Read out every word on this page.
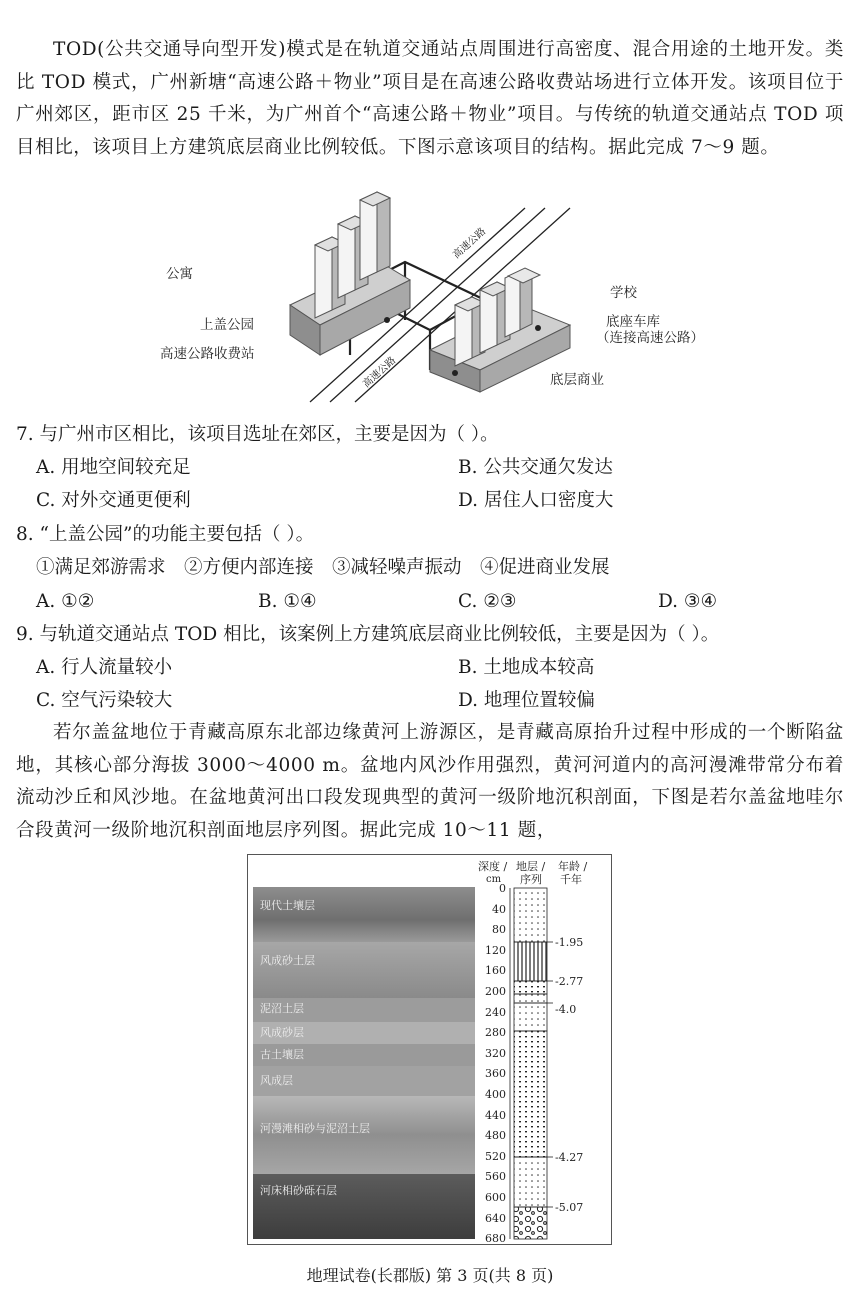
TOD(公共交通导向型开发)模式是在轨道交通站点周围进行高密度、混合用途的土地开发。类比 TOD 模式，广州新塘“高速公路＋物业”项目是在高速公路收费站场进行立体开发。该项目位于广州郊区，距市区 25 千米，为广州首个“高速公路＋物业”项目。与传统的轨道交通站点 TOD 项目相比，该项目上方建筑底层商业比例较低。下图示意该项目的结构。据此完成 7～9 题。
公寓
上盖公园
高速公路收费站
学校
底座车库
（连接高速公路）
底层商业
高速公路
高速公路
7. 与广州市区相比，该项目选址在郊区，主要是因为（ ）。
A. 用地空间较充足	B. 公共交通欠发达
C. 对外交通更便利	D. 居住人口密度大
8. “上盖公园”的功能主要包括（ ）。
①满足郊游需求　②方便内部连接　③减轻噪声振动　④促进商业发展
A. ①②	B. ①④	C. ②③	D. ③④
9. 与轨道交通站点 TOD 相比，该案例上方建筑底层商业比例较低，主要是因为（ ）。
A. 行人流量较小	B. 土地成本较高
C. 空气污染较大	D. 地理位置较偏
若尔盖盆地位于青藏高原东北部边缘黄河上游源区，是青藏高原抬升过程中形成的一个断陷盆地，其核心部分海拔 3000～4000 m。盆地内风沙作用强烈，黄河河道内的高河漫滩带常分布着流动沙丘和风沙地。在盆地黄河出口段发现典型的黄河一级阶地沉积剖面，下图是若尔盖盆地哇尔合段黄河一级阶地沉积剖面地层序列图。据此完成 10～11 题，
现代土壤层
风成砂土层
泥沼土层
风成砂层
古土壤层
风成层
河漫滩相砂与泥沼土层
河床相砂砾石层
深度 /
cm
地层 /
序列
年龄 /
千年
0
40
80
120
160
200
240
280
320
360
400
440
480
520
560
600
640
680
-1.95
-2.77
-4.0
-4.27
-5.07
地理试卷(长郡版) 第 3 页(共 8 页)
